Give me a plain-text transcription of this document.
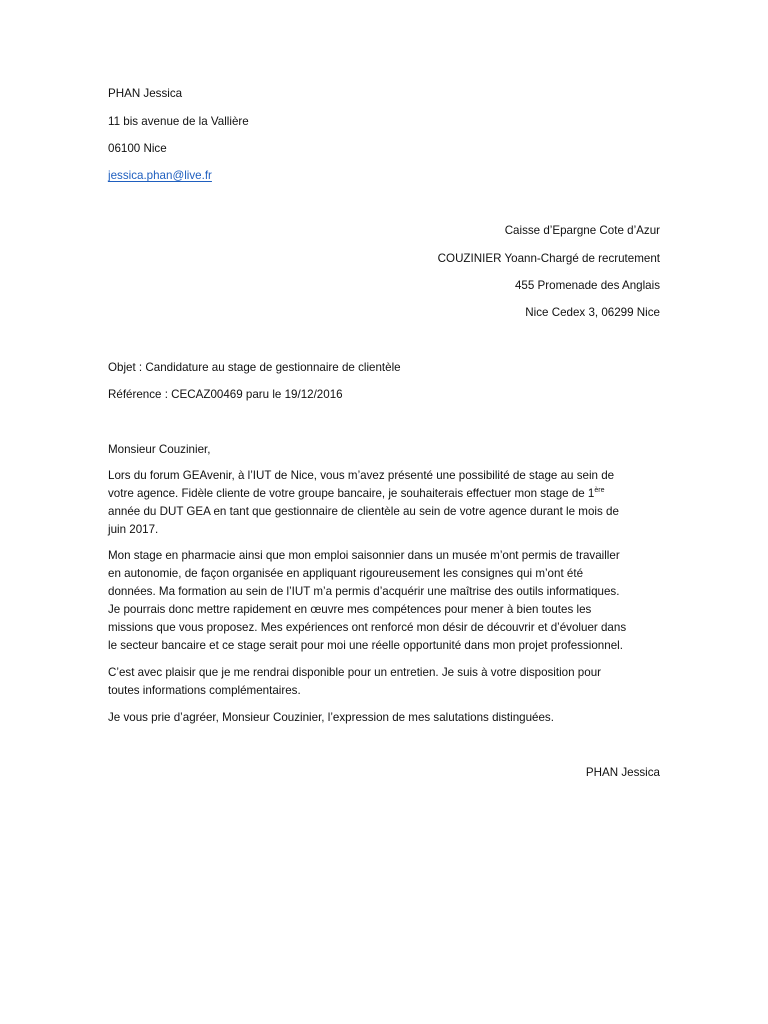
PHAN Jessica
11 bis avenue de la Vallière
06100 Nice
jessica.phan@live.fr
Caisse d’Epargne Cote d’Azur
COUZINIER Yoann-Chargé de recrutement
455 Promenade des Anglais
Nice Cedex 3, 06299 Nice
Objet : Candidature au stage de gestionnaire de clientèle
Référence : CECAZ00469 paru le 19/12/2016
Monsieur Couzinier,
Lors du forum GEAvenir, à l’IUT de Nice, vous m’avez présenté une possibilité de stage au sein de
votre agence. Fidèle cliente de votre groupe bancaire, je souhaiterais effectuer mon stage de 1ère
année du DUT GEA en tant que gestionnaire de clientèle au sein de votre agence durant le mois de
juin 2017.
Mon stage en pharmacie ainsi que mon emploi saisonnier dans un musée m’ont permis de travailler
en autonomie, de façon organisée en appliquant rigoureusement les consignes qui m’ont été
données. Ma formation au sein de l’IUT m’a permis d’acquérir une maîtrise des outils informatiques.
Je pourrais donc mettre rapidement en œuvre mes compétences pour mener à bien toutes les
missions que vous proposez. Mes expériences ont renforcé mon désir de découvrir et d’évoluer dans
le secteur bancaire et ce stage serait pour moi une réelle opportunité dans mon projet professionnel.
C’est avec plaisir que je me rendrai disponible pour un entretien. Je suis à votre disposition pour
toutes informations complémentaires.
Je vous prie d’agréer, Monsieur Couzinier, l’expression de mes salutations distinguées.
PHAN Jessica
